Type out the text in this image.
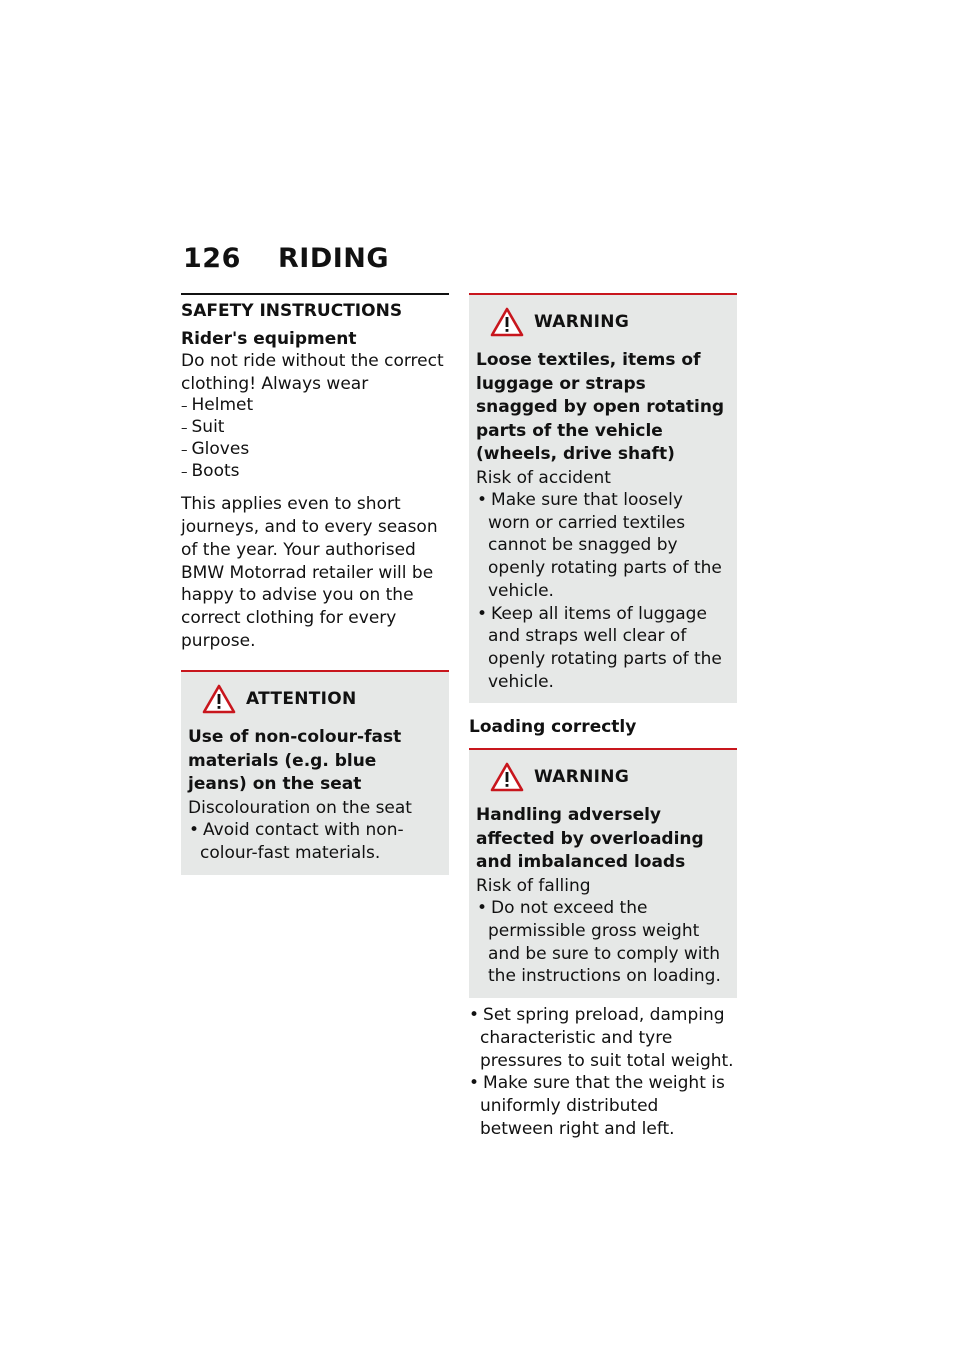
126 RIDING
SAFETY INSTRUCTIONS
Rider's equipment

Do not ride without the correct clothing! Always wear

– Helmet
– Suit
– Gloves
– Boots

This applies even to short journeys, and to every season of the year. Your authorised BMW Motorrad retailer will be happy to advise you on the correct clothing for every purpose.

ATTENTION

Use of non-colour-fast materials (e.g. blue jeans) on the seat

Discolouration on the seat

• Avoid contact with non-colour-fast materials.
WARNING

Loose textiles, items of luggage or straps snagged by open rotating parts of the vehicle (wheels, drive shaft)

Risk of accident

• Make sure that loosely worn or carried textiles cannot be snagged by openly rotating parts of the vehicle.
• Keep all items of luggage and straps well clear of openly rotating parts of the vehicle.
Loading correctly
WARNING

Handling adversely affected by overloading and imbalanced loads

Risk of falling

• Do not exceed the permissible gross weight and be sure to comply with the instructions on loading.
• Set spring preload, damping characteristic and tyre pressures to suit total weight.
• Make sure that the weight is uniformly distributed between right and left.
